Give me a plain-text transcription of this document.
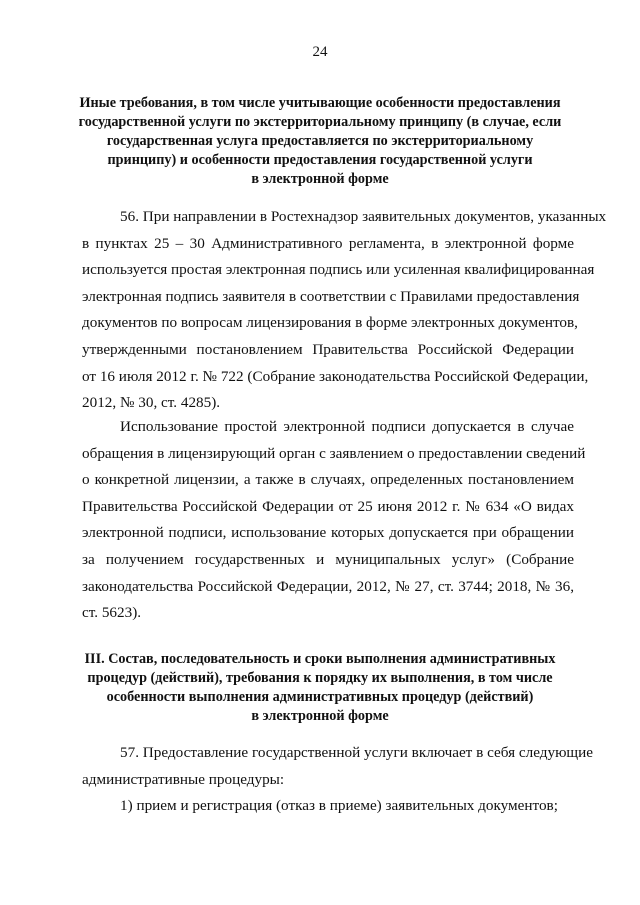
24
Иные требования, в том числе учитывающие особенности предоставления
государственной услуги по экстерриториальному принципу (в случае, если
государственная услуга предоставляется по экстерриториальному
принципу) и особенности предоставления государственной услуги
в электронной форме
56. При направлении в Ростехнадзор заявительных документов, указанных
в пунктах 25 – 30 Административного регламента, в электронной форме
используется простая электронная подпись или усиленная квалифицированная
электронная подпись заявителя в соответствии с Правилами предоставления
документов по вопросам лицензирования в форме электронных документов,
утвержденными постановлением Правительства Российской Федерации
от 16 июля 2012 г. № 722 (Собрание законодательства Российской Федерации,
2012, № 30, ст. 4285).
Использование простой электронной подписи допускается в случае
обращения в лицензирующий орган с заявлением о предоставлении сведений
о конкретной лицензии, а также в случаях, определенных постановлением
Правительства Российской Федерации от 25 июня 2012 г. № 634 «О видах
электронной подписи, использование которых допускается при обращении
за получением государственных и муниципальных услуг» (Собрание
законодательства Российской Федерации, 2012, № 27, ст. 3744; 2018, № 36,
ст. 5623).
III. Состав, последовательность и сроки выполнения административных
процедур (действий), требования к порядку их выполнения, в том числе
особенности выполнения административных процедур (действий)
в электронной форме
57. Предоставление государственной услуги включает в себя следующие
административные процедуры:
1) прием и регистрация (отказ в приеме) заявительных документов;
